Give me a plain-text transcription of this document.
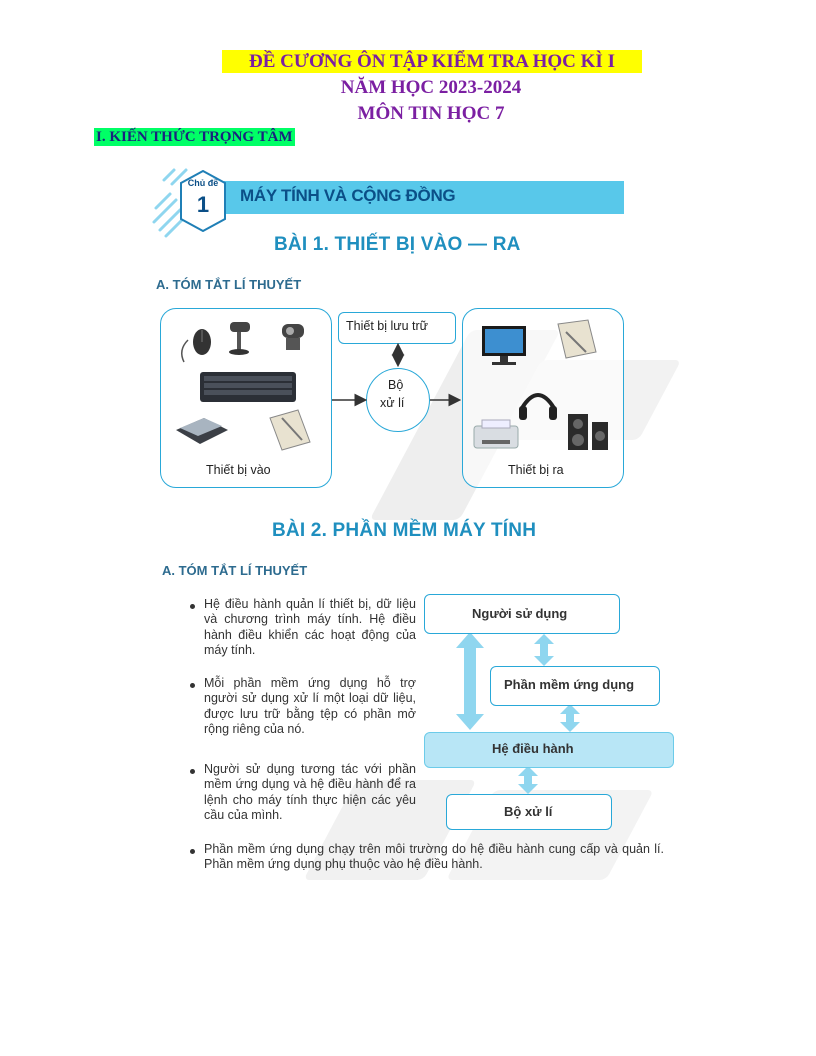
ĐỀ CƯƠNG ÔN TẬP KIỂM TRA HỌC KÌ I
NĂM HỌC 2023-2024
MÔN TIN HỌC 7
I. KIẾN THỨC TRỌNG TÂM
Chủ đề
1	MÁY TÍNH VÀ CỘNG ĐỒNG
BÀI 1. THIẾT BỊ VÀO — RA
A. TÓM TẮT LÍ THUYẾT
Thiết bị lưu trữ
Bộ
xử lí
Thiết bị vào	Thiết bị ra
BÀI 2. PHẦN MỀM MÁY TÍNH
A. TÓM TẮT LÍ THUYẾT
Hệ điều hành quản lí thiết bị, dữ liệu và chương trình máy tính. Hệ điều hành điều khiển các hoạt động của máy tính.
Mỗi phần mềm ứng dụng hỗ trợ người sử dụng xử lí một loại dữ liệu, được lưu trữ bằng tệp có phần mở rộng riêng của nó.
Người sử dụng tương tác với phần mềm ứng dụng và hệ điều hành để ra lệnh cho máy tính thực hiện các yêu cầu của mình.
Phần mềm ứng dụng chạy trên môi trường do hệ điều hành cung cấp và quản lí. Phần mềm ứng dụng phụ thuộc vào hệ điều hành.
Người sử dụng
Phần mềm ứng dụng
Hệ điều hành
Bộ xử lí
